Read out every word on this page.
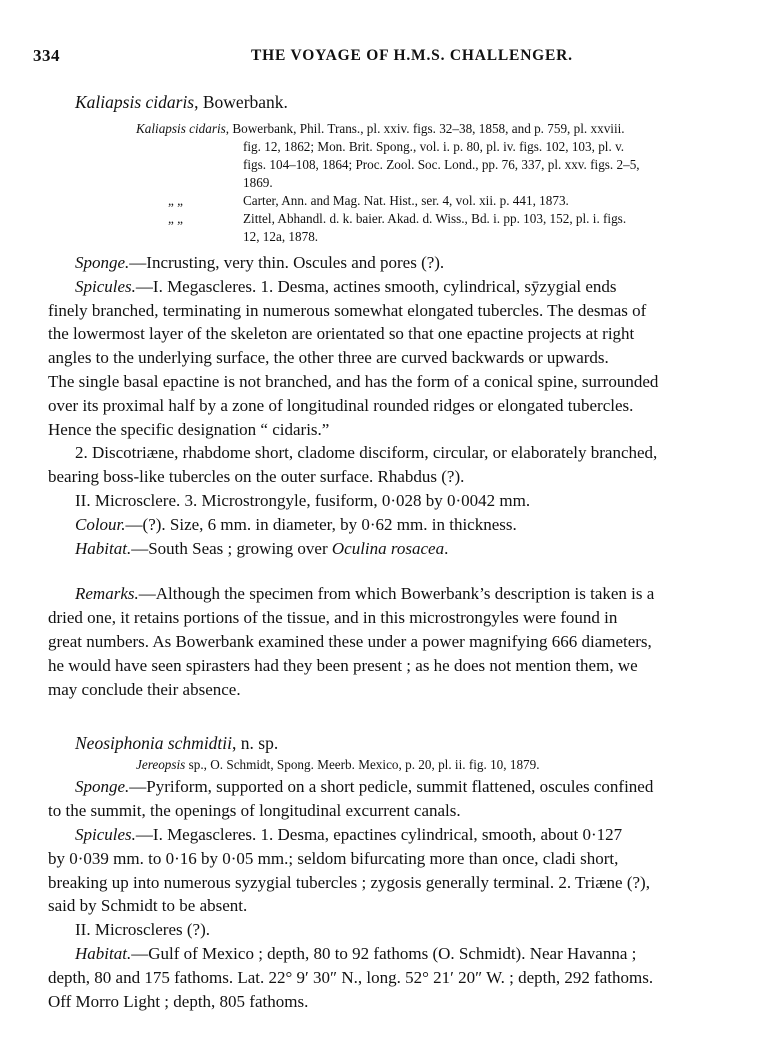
334	THE VOYAGE OF H.M.S. CHALLENGER.
Kaliapsis cidaris, Bowerbank.
Kaliapsis cidaris, Bowerbank, Phil. Trans., pl. xxiv. figs. 32–38, 1858, and p. 759, pl. xxviii.
fig. 12, 1862; Mon. Brit. Spong., vol. i. p. 80, pl. iv. figs. 102, 103, pl. v.
figs. 104–108, 1864; Proc. Zool. Soc. Lond., pp. 76, 337, pl. xxv. figs. 2–5,
1869.
„ „	Carter, Ann. and Mag. Nat. Hist., ser. 4, vol. xii. p. 441, 1873.
„ „	Zittel, Abhandl. d. k. baier. Akad. d. Wiss., Bd. i. pp. 103, 152, pl. i. figs.
12, 12a, 1878.
Sponge.—Incrusting, very thin. Oscules and pores (?).
Spicules.—I. Megascleres. 1. Desma, actines smooth, cylindrical, sȳzygial ends
finely branched, terminating in numerous somewhat elongated tubercles. The desmas of
the lowermost layer of the skeleton are orientated so that one epactine projects at right
angles to the underlying surface, the other three are curved backwards or upwards.
The single basal epactine is not branched, and has the form of a conical spine, surrounded
over its proximal half by a zone of longitudinal rounded ridges or elongated tubercles.
Hence the specific designation “ cidaris.”
2. Discotriæne, rhabdome short, cladome disciform, circular, or elaborately branched,
bearing boss-like tubercles on the outer surface. Rhabdus (?).
II. Microsclere. 3. Microstrongyle, fusiform, 0·028 by 0·0042 mm.
Colour.—(?). Size, 6 mm. in diameter, by 0·62 mm. in thickness.
Habitat.—South Seas ; growing over Oculina rosacea.
Remarks.—Although the specimen from which Bowerbank’s description is taken is a
dried one, it retains portions of the tissue, and in this microstrongyles were found in
great numbers. As Bowerbank examined these under a power magnifying 666 diameters,
he would have seen spirasters had they been present ; as he does not mention them, we
may conclude their absence.
Neosiphonia schmidtii, n. sp.
Jereopsis sp., O. Schmidt, Spong. Meerb. Mexico, p. 20, pl. ii. fig. 10, 1879.
Sponge.—Pyriform, supported on a short pedicle, summit flattened, oscules confined
to the summit, the openings of longitudinal excurrent canals.
Spicules.—I. Megascleres. 1. Desma, epactines cylindrical, smooth, about 0·127
by 0·039 mm. to 0·16 by 0·05 mm.; seldom bifurcating more than once, cladi short,
breaking up into numerous syzygial tubercles ; zygosis generally terminal. 2. Triæne (?),
said by Schmidt to be absent.
II. Microscleres (?).
Habitat.—Gulf of Mexico ; depth, 80 to 92 fathoms (O. Schmidt). Near Havanna ;
depth, 80 and 175 fathoms. Lat. 22° 9′ 30″ N., long. 52° 21′ 20″ W. ; depth, 292 fathoms.
Off Morro Light ; depth, 805 fathoms.
